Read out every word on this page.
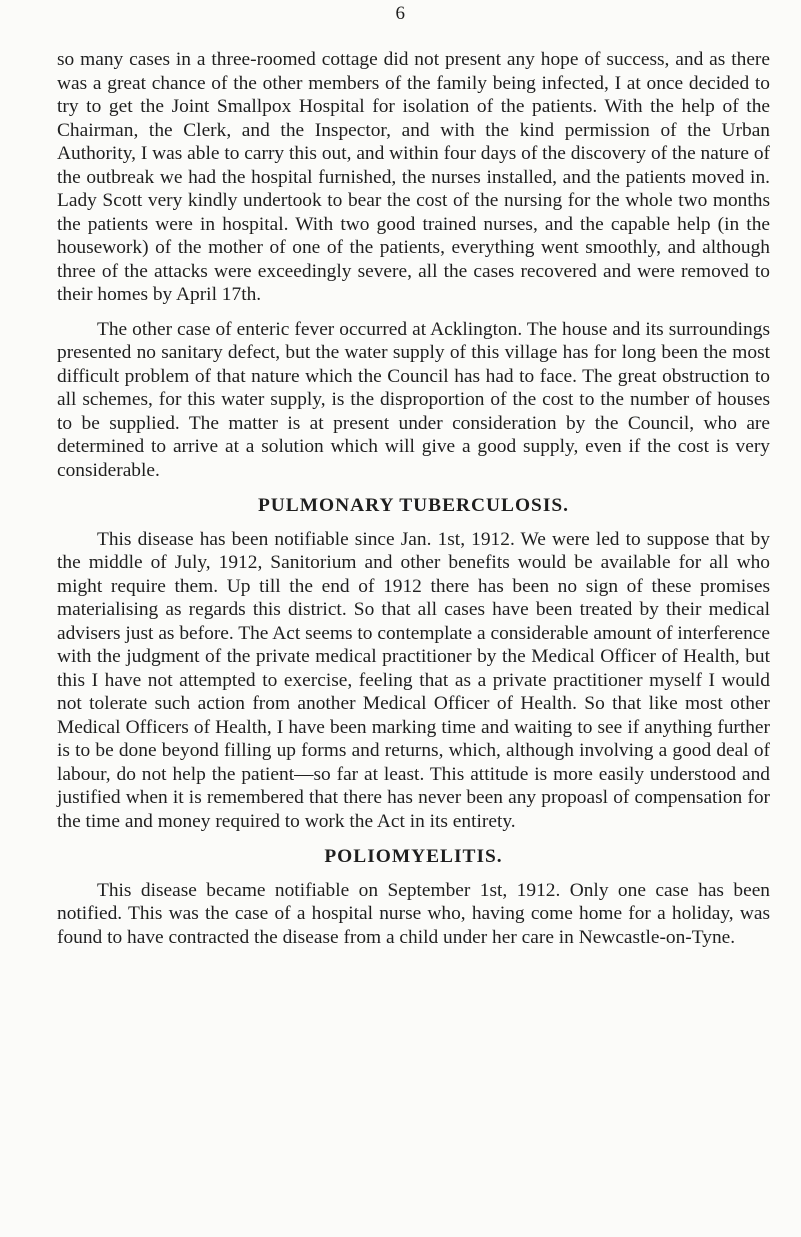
6

so many cases in a three-roomed cottage did not present any hope of success, and as there was a great chance of the other members of the family being infected, I at once decided to try to get the Joint Smallpox Hospital for isolation of the patients. With the help of the Chairman, the Clerk, and the Inspector, and with the kind permission of the Urban Authority, I was able to carry this out, and within four days of the discovery of the nature of the outbreak we had the hospital furnished, the nurses installed, and the patients moved in. Lady Scott very kindly undertook to bear the cost of the nursing for the whole two months the patients were in hospital. With two good trained nurses, and the capable help (in the housework) of the mother of one of the patients, everything went smoothly, and although three of the attacks were exceedingly severe, all the cases recovered and were removed to their homes by April 17th.

The other case of enteric fever occurred at Acklington. The house and its surroundings presented no sanitary defect, but the water supply of this village has for long been the most difficult problem of that nature which the Council has had to face. The great obstruction to all schemes, for this water supply, is the disproportion of the cost to the number of houses to be supplied. The matter is at present under consideration by the Council, who are determined to arrive at a solution which will give a good supply, even if the cost is very considerable.

PULMONARY TUBERCULOSIS.

This disease has been notifiable since Jan. 1st, 1912. We were led to suppose that by the middle of July, 1912, Sanitorium and other benefits would be available for all who might require them. Up till the end of 1912 there has been no sign of these promises materialising as regards this district. So that all cases have been treated by their medical advisers just as before. The Act seems to contemplate a considerable amount of interference with the judgment of the private medical practitioner by the Medical Officer of Health, but this I have not attempted to exercise, feeling that as a private practitioner myself I would not tolerate such action from another Medical Officer of Health. So that like most other Medical Officers of Health, I have been marking time and waiting to see if anything further is to be done beyond filling up forms and returns, which, although involving a good deal of labour, do not help the patient—so far at least. This attitude is more easily understood and justified when it is remembered that there has never been any propoasl of compensation for the time and money required to work the Act in its entirety.

POLIOMYELITIS.

This disease became notifiable on September 1st, 1912. Only one case has been notified. This was the case of a hospital nurse who, having come home for a holiday, was found to have contracted the disease from a child under her care in Newcastle-on-Tyne.
